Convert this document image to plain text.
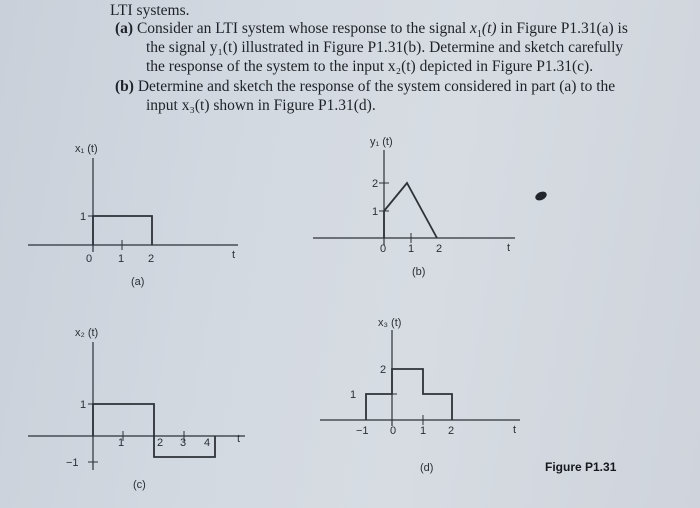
LTI systems.
(a) Consider an LTI system whose response to the signal $x_1(t)$ in Figure P1.31(a) is
the signal y₁(t) illustrated in Figure P1.31(b). Determine and sketch carefully
the response of the system to the input x₂(t) depicted in Figure P1.31(c).
(b) Determine and sketch the response of the system considered in part (a) to the
input x₃(t) shown in Figure P1.31(d).
x₁ (t)
1
0 1 2	t
(a)
y₁ (t)
1
2
0 1 2	t
(b)
x₂ (t)
1
−1
1	2 3 4 t
(c)
x₃ (t)
1
2
−1 0 1 2	t
(d)	Figure P1.31
